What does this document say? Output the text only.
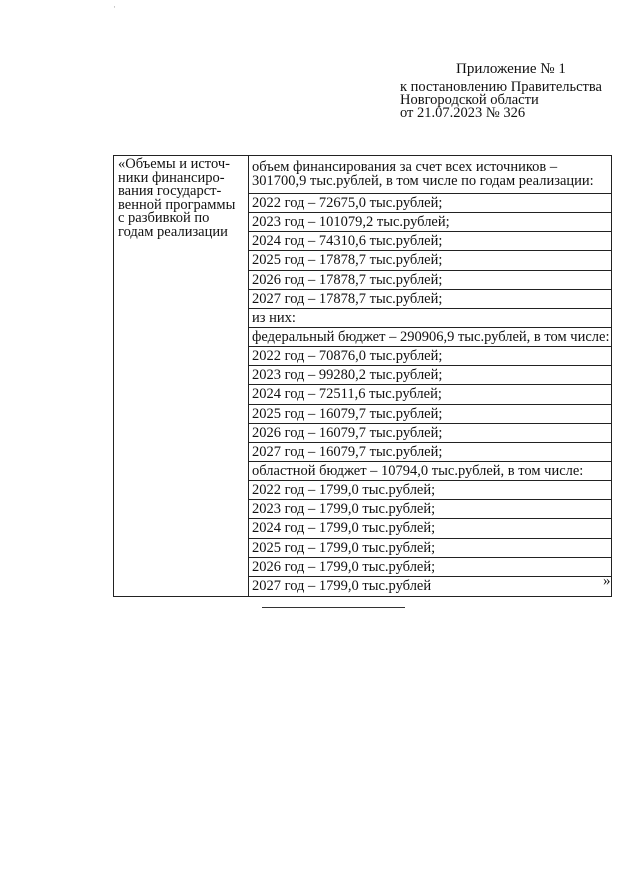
·
Приложение № 1
к постановлению Правительства
Новгородской области
от 21.07.2023 № 326
«Объемы и источ-
ники финансиро-
вания государст-
венной программы
с разбивкой по
годам реализации

объем финансирования за счет всех источников –
301700,9 тыс.рублей, в том числе по годам реализации:
2022 год – 72675,0 тыс.рублей;
2023 год – 101079,2 тыс.рублей;
2024 год – 74310,6 тыс.рублей;
2025 год – 17878,7 тыс.рублей;
2026 год – 17878,7 тыс.рублей;
2027 год – 17878,7 тыс.рублей;
из них:
федеральный бюджет – 290906,9 тыс.рублей, в том числе:
2022 год – 70876,0 тыс.рублей;
2023 год – 99280,2 тыс.рублей;
2024 год – 72511,6 тыс.рублей;
2025 год – 16079,7 тыс.рублей;
2026 год – 16079,7 тыс.рублей;
2027 год – 16079,7 тыс.рублей;
областной бюджет – 10794,0 тыс.рублей, в том числе:
2022 год – 1799,0 тыс.рублей;
2023 год – 1799,0 тыс.рублей;
2024 год – 1799,0 тыс.рублей;
2025 год – 1799,0 тыс.рублей;
2026 год – 1799,0 тыс.рублей;
2027 год – 1799,0 тыс.рублей	»
